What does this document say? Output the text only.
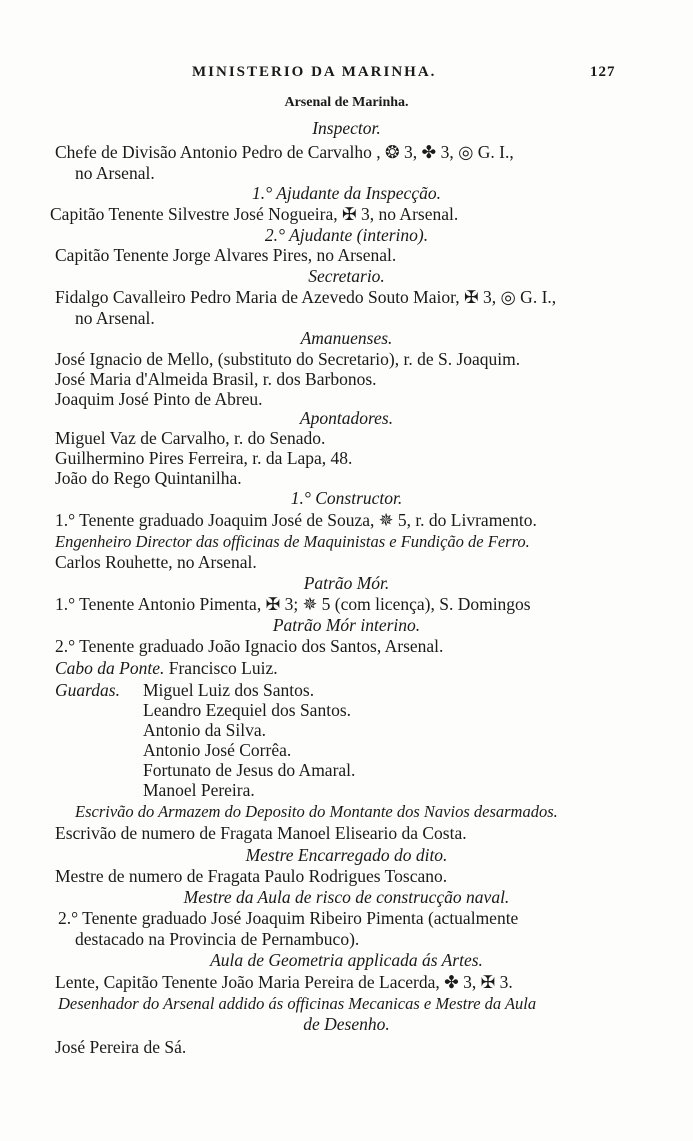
MINISTERIO DA MARINHA.	127
Arsenal de Marinha.
Inspector.
Chefe de Divisão Antonio Pedro de Carvalho , ❂ 3, ✤ 3, ◎ G. I.,
no Arsenal.
1.° Ajudante da Inspecção.
Capitão Tenente Silvestre José Nogueira, ✠ 3, no Arsenal.
2.° Ajudante (interino).
Capitão Tenente Jorge Alvares Pires, no Arsenal.
Secretario.
Fidalgo Cavalleiro Pedro Maria de Azevedo Souto Maior, ✠ 3, ◎ G. I.,
no Arsenal.
Amanuenses.
José Ignacio de Mello, (substituto do Secretario), r. de S. Joaquim.
José Maria d'Almeida Brasil, r. dos Barbonos.
Joaquim José Pinto de Abreu.
Apontadores.
Miguel Vaz de Carvalho, r. do Senado.
Guilhermino Pires Ferreira, r. da Lapa, 48.
João do Rego Quintanilha.
1.° Constructor.
1.° Tenente graduado Joaquim José de Souza, ✵ 5, r. do Livramento.
Engenheiro Director das officinas de Maquinistas e Fundição de Ferro.
Carlos Rouhette, no Arsenal.
Patrão Mór.
1.° Tenente Antonio Pimenta, ✠ 3; ✵ 5 (com licença), S. Domingos
Patrão Mór interino.
2.° Tenente graduado João Ignacio dos Santos, Arsenal.
Cabo da Ponte. Francisco Luiz.
Guardas. Miguel Luiz dos Santos.
Leandro Ezequiel dos Santos.
Antonio da Silva.
Antonio José Corrêa.
Fortunato de Jesus do Amaral.
Manoel Pereira.
Escrivão do Armazem do Deposito do Montante dos Navios desarmados.
Escrivão de numero de Fragata Manoel Eliseario da Costa.
Mestre Encarregado do dito.
Mestre de numero de Fragata Paulo Rodrigues Toscano.
Mestre da Aula de risco de construcção naval.
2.° Tenente graduado José Joaquim Ribeiro Pimenta (actualmente
destacado na Provincia de Pernambuco).
Aula de Geometria applicada ás Artes.
Lente, Capitão Tenente João Maria Pereira de Lacerda, ✤ 3, ✠ 3.
Desenhador do Arsenal addido ás officinas Mecanicas e Mestre da Aula
de Desenho.
José Pereira de Sá.
